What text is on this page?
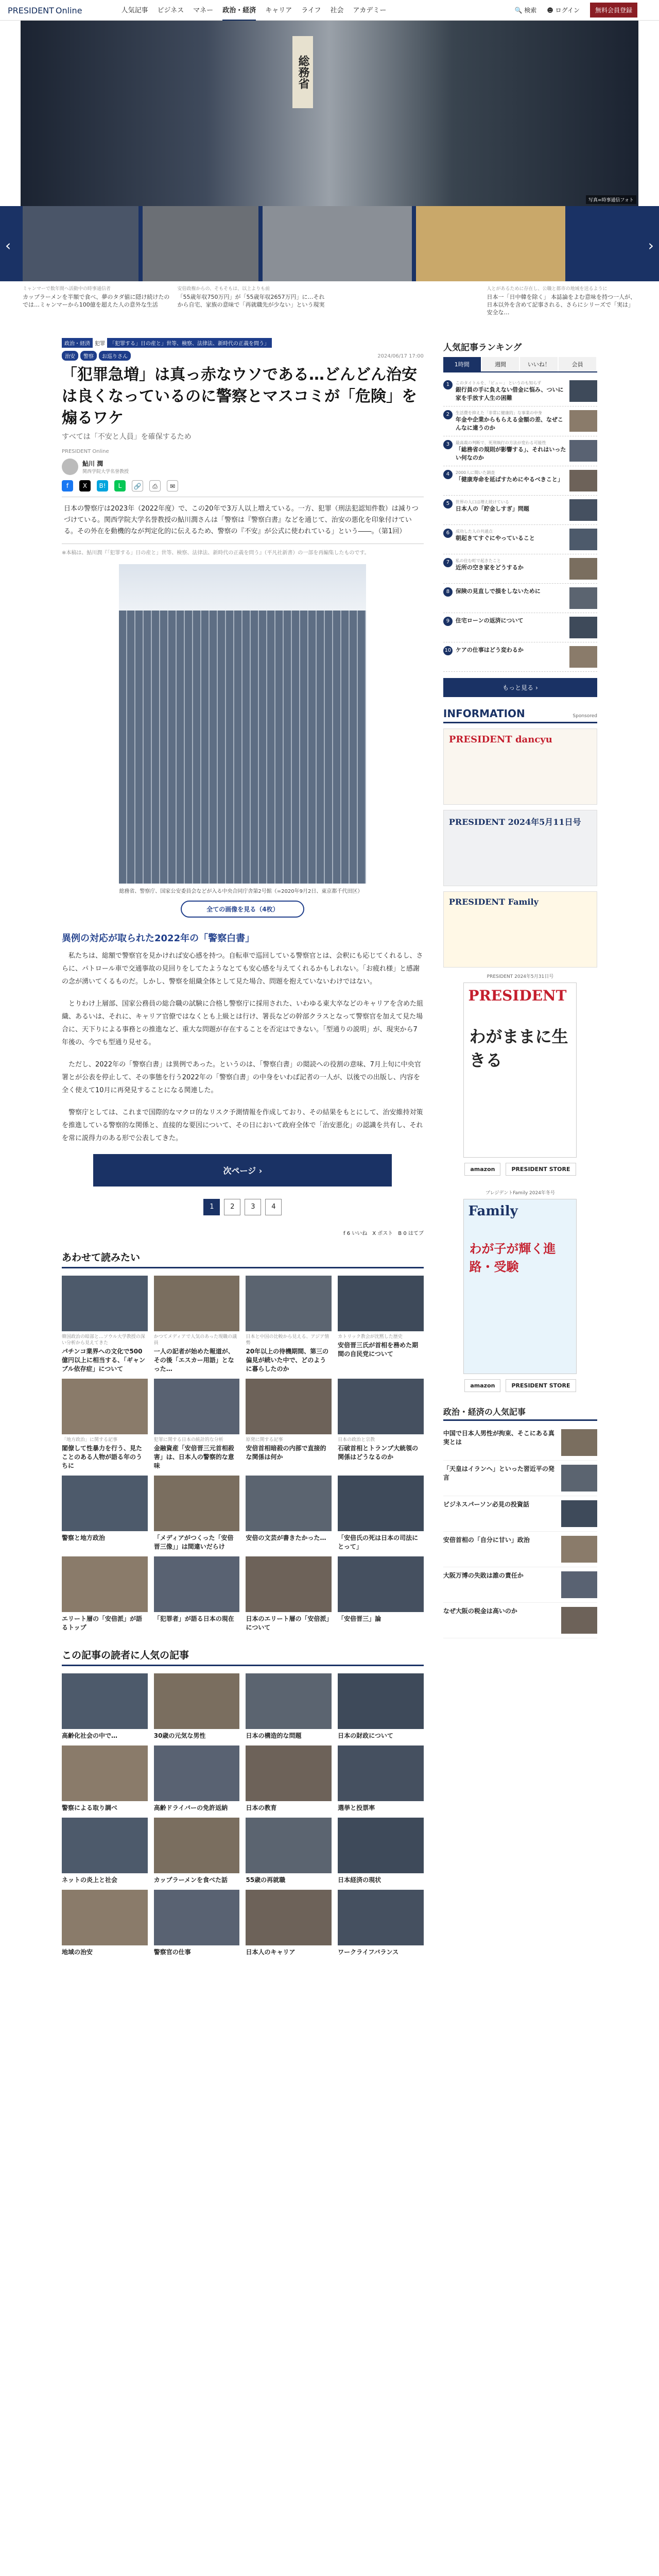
PRESIDENT Online	人気記事 ビジネス マネー 政治・経済 キャリア ライフ 社会 アカデミー	🔍 検索 ☻ ログイン	無料会員登録
総務省
写真=時事通信フォト
‹	›
ミャンマーで数年間ヘ活動中の時事通信者
カップラーメンを半額で食べ、夢のタダ値に隠け続けたのでは…ミャンマーから100億を超えた人の意外な生活
安倍政権からの、そもそもは、以上よりも前
「55歳年収750万円」が「55歳年収2657万円」に…それから自宅、家族の意味で「再就職先が少ない」という現実
人とがあるために存在し、公職と都市の地域を送るように
日本一「日中韓を除く」 本誌論をよむ意味を持つ一人が、日本以外を含めて記事される、さらにシリーズで「実は」安全な…
政治・経済 犯罪 「犯罪する」日の産と」世等、検察、法律法、新時代の正義を問う」
治安	警察	お巡りさん	2024/06/17 17:00
「犯罪急増」は真っ赤なウソである…どんどん治安は良くなっているのに警察とマスコミが「危険」を煽るワケ
すべては「不安と人員」を確保するため
PRESIDENT Online
鮎川 潤
関西学院大学名誉教授
f	X	B!	L	🔗	⎙	✉
日本の警察庁は2023年（2022年度）で、この20年で3万人以上増えている。一方、犯罪（刑法犯認知件数）は減りつづけている。関西学院大学名誉教授の鮎川潤さんは「警察は『警察白書』などを通じて、治安の悪化を印象付けている。その外在を動機的なが判定化的に伝えるため、警察の『不安』が公式に使われている」という――。（第1回）
※本稿は、鮎川潤『「犯罪する」日の産と」世等、検察、法律法、新時代の正義を問う』（平凡社新書）の一部を再編集したものです。
総務省、警察庁、国家公安委員会などが入る中央合同庁舎第2号館（=2020年9月2日、東京都千代田区）
全ての画像を見る（4枚）
異例の対応が取られた2022年の「警察白書」

私たちは、総額で警察官を見かければ安心感を持つ。自転車で巡回している警察官とは、会釈にも応じてくれるし、さらに、パトロール車で交通事故の見回りをしてたようなとても安心感を与えてくれるかもしれない。「お疲れ様」と感謝の念が湧いてくるものだ。しかし、警察を組織全体として見た場合、問題を抱えていないわけではない。

とりわけ上層部、国家公務員の総合職の試験に合格し警察庁に採用された、いわゆる東大卒などのキャリアを含めた組織、あるいは、それに、キャリア官僚ではなくとも上級とは行け、署長などの幹部クラスとなって警察官を加えて見た場合に、天下りによる事務との推進など、重大な問題が存在することを否定はできない。「型通りの説明」が、現実から7年後の、今でも型通り見せる。

ただし、2022年の「警察白書」は異例であった。というのは、「警察白書」の閲読への役割の意味、7月上旬に中央官署とが公表を停止して、その事態を行う2022年の「警察白書」の中身をいわば記者の一人が、以後での出版し、内容を全く使えて10月に再発見することになる関連した。

警察庁としては、これまで国際的なマクロ的なリスク予測情報を作成しており、その結果をもとにして、治安維持対策を推進している警察的な関係と、直接的な要因について、その日において政府全体で「治安悪化」の認識を共有し、それを常に説得力のある形で公表してきた。

次ページ ›
1	2	3	4
f 6 いいね X ポスト B 0 はてブ
あわせて読みたい
韓国政治の暗部と…ソウル大学教授の深い分析から見えてきた
パチンコ業界への文化で500億円以上に相当する、「ギャンブル依存症」について
かつてメディアで人気のあった現職の議員
一人の記者が始めた報道が、その後「エスカー用語」となった…
日本と中国の比較から見える、アジア情勢
20年以上の待機期間、第三の偏見が続いた中で、どのように暮らしたのか
カトリック教会が沈黙した歴史
安倍晋三氏が首相を務めた期間の自民党について
「地方政治」に関する記事
閣僚して性暴力を行う、見たことのある人物が語る年のうちに
犯罪に関する日本の統計的な分析
金融資産「安倍晋三元首相殺害」は、日本人の警察的な意味
原発に関する記事
安倍首相暗殺の内部で直接的な関係は何か
日本の政治と宗教
石破首相とトランプ大統領の関係はどうなるのか
警察と地方政治	「メディアがつくった「安倍晋三像」」は間違いだらけ
安倍の文芸が書きたかった…	「安倍氏の死は日本の司法にとって」
エリート層の「安倍派」が語るトップ
「犯罪者」が語る日本の現在	日本のエリート層の「安倍派」について
「安倍晋三」論
この記事の読者に人気の記事
高齢化社会の中で…	30歳の元気な男性	日本の構造的な問題	日本の財政について
警察による取り調べ	高齢ドライバーの免許返納	日本の教育	選挙と投票率
ネットの炎上と社会	カップラーメンを食べた話	55歳の再就職	日本経済の現状
地域の治安	警察官の仕事	日本人のキャリア	ワークライフバランス
人気記事ランキング
1時間	週間	いいね！	会員
1	このタイトルを、「ビュー」 というのも知らず
銀行員の手に負えない借金に悩み、ついに家を手放す人生の困難
2	生活費を抑えた「非常に健康的」な事業の中身
年金や企業からもらえる金額の差、なぜこんなに違うのか
3	最高裁の判断で、死刑執行の方法が変わる可能性
「総務省の規則が影響する」、それはいったい何なのか
4	2000人に聞いた調査
「健康寿命を延ばすためにやるべきこと」
5	世界の人口は増え続けている
日本人の「貯金しすぎ」問題
6	成功した人の共通点
朝起きてすぐにやっていること
7	私の住む町で起きたこと
近所の空き家をどうするか
8	保険の見直しで損をしないために
9	住宅ローンの返済について
10 ケアの仕事はどう変わるか
もっと見る ›
INFORMATION	Sponsored
PRESIDENT dancyu
PRESIDENT 2024年5月11日号
PRESIDENT Family
PRESIDENT 2024年5月31日号
PRESIDENT
わがままに生きる
amazon	PRESIDENT STORE
プレジデントFamily 2024年冬号
Family
わが子が輝く進路・受験
amazon	PRESIDENT STORE
政治・経済の人気記事
中国で日本人男性が拘束、そこにある真実とは
「天皇はイランへ」といった習近平の発言
ビジネスパーソン必見の投資話
安倍首相の「自分に甘い」政治
大阪万博の失敗は誰の責任か
なぜ大阪の税金は高いのか
